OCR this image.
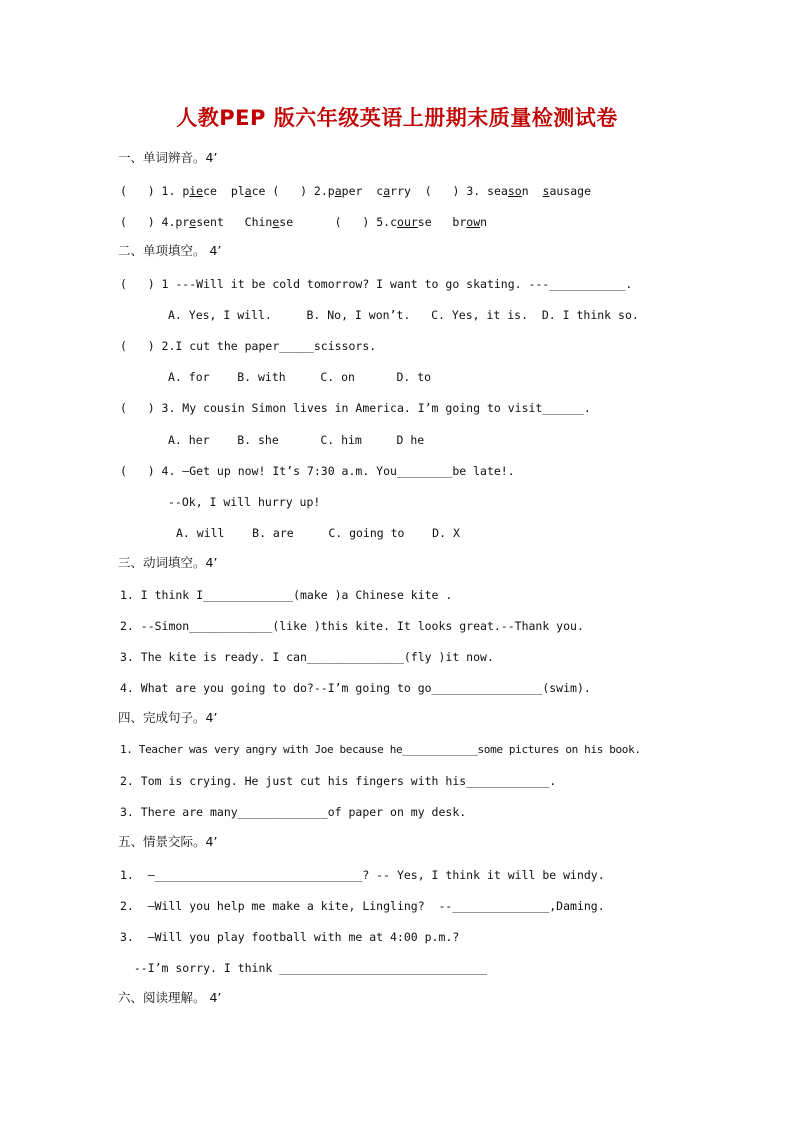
人教PEP 版六年级英语上册期末质量检测试卷
一、单词辨音。4’
(   ) 1. piece  place (   ) 2.paper  carry  (   ) 3. season  sausage
(   ) 4.present   Chinese      (   ) 5.course   brown
二、单项填空。 4’
(   ) 1 ---Will it be cold tomorrow? I want to go skating. ---___________.
A. Yes, I will.     B. No, I won’t.   C. Yes, it is.  D. I think so.
(   ) 2.I cut the paper_____scissors.
A. for    B. with     C. on      D. to
(   ) 3. My cousin Simon lives in America. I’m going to visit______.
A. her    B. she      C. him     D he
(   ) 4. –Get up now! It’s 7:30 a.m. You________be late!.
--Ok, I will hurry up!
A. will    B. are     C. going to    D. X
三、动词填空。4’
1. I think I_____________(make )a Chinese kite .
2. --Simon____________(like )this kite. It looks great.--Thank you.
3. The kite is ready. I can______________(fly )it now.
4. What are you going to do?--I’m going to go________________(swim).
四、完成句子。4’
1. Teacher was very angry with Joe because he____________some pictures on his book.
2. Tom is crying. He just cut his fingers with his____________.
3. There are many_____________of paper on my desk.
五、情景交际。4’
1.  –______________________________? -- Yes, I think it will be windy.
2.  –Will you help me make a kite, Lingling?  --______________,Daming.
3.  –Will you play football with me at 4:00 p.m.?
--I’m sorry. I think ______________________________
六、阅读理解。 4’
